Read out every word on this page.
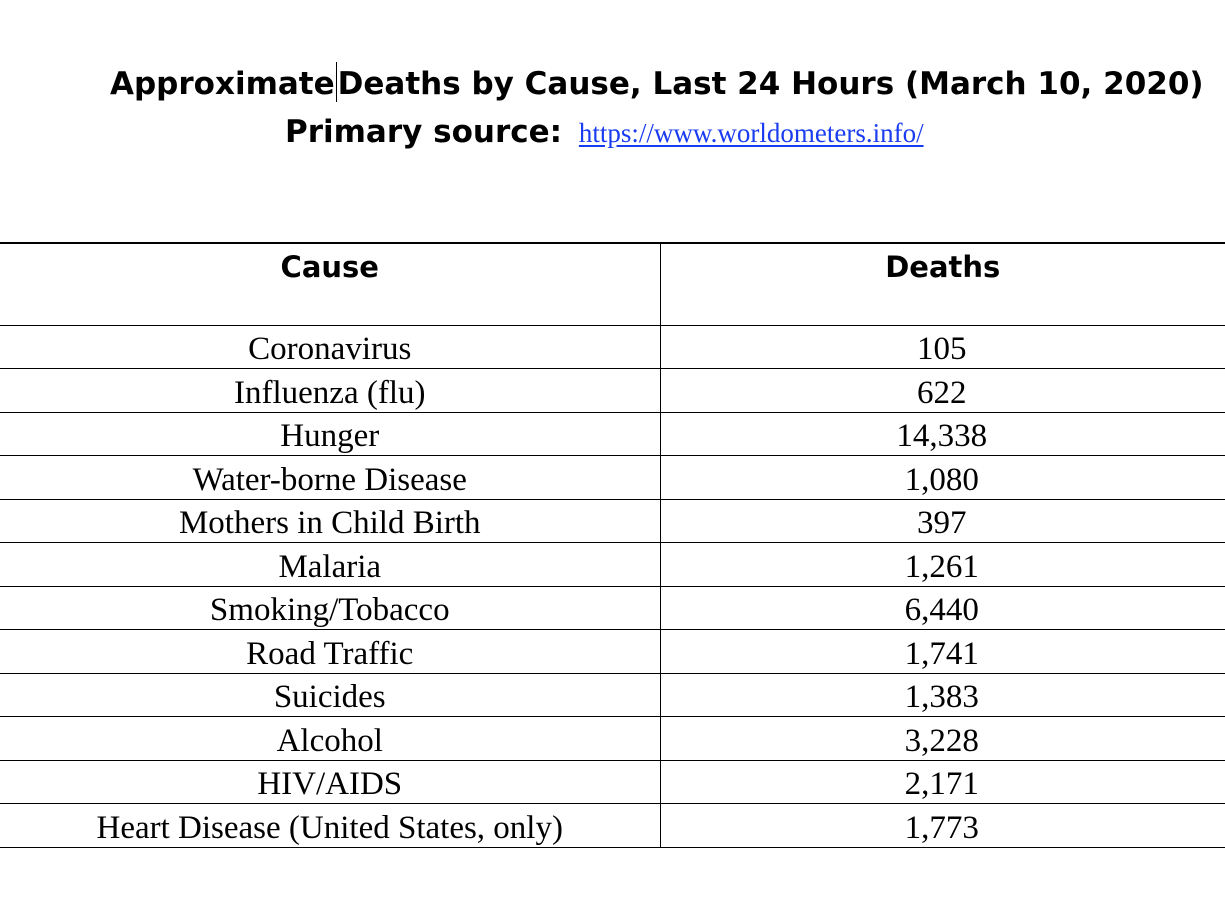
ApproximateDeaths by Cause, Last 24 Hours (March 10, 2020)
Primary source: https://www.worldometers.info/
Cause	Deaths
Coronavirus	105
Influenza (flu)	622
Hunger	14,338
Water-borne Disease	1,080
Mothers in Child Birth	397
Malaria	1,261
Smoking/Tobacco	6,440
Road Traffic	1,741
Suicides	1,383
Alcohol	3,228
HIV/AIDS	2,171
Heart Disease (United States, only)	1,773
